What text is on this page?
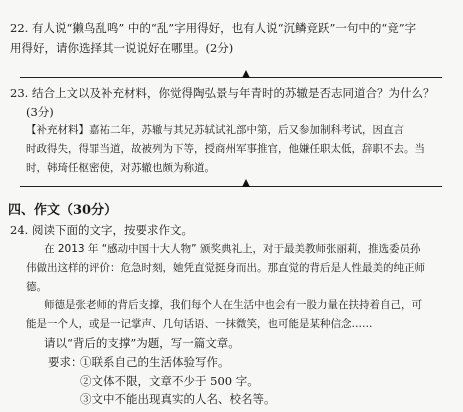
22. 有人说“獭鸟乱鸣” 中的“乱”字用得好，也有人说“沉鳞竞跃”一句中的“竞”字
用得好，请你选择其一说说好在哪里。(2分)
23. 结合上文以及补充材料，你觉得陶弘景与年青时的苏辙是否志同道合？为什么？
(3分)
【补充材料】嘉祐二年，苏辙与其兄苏轼试礼部中第，后又参加制科考试，因直言
时政得失，得罪当道，故被列为下等，授商州军事推官，他嫌任职太低，辞职不去。当
时，韩琦任枢密使，对苏辙也颇为称道。
四、作文（30分）
24. 阅读下面的文字，按要求作文。
在 2013 年 “感动中国十大人物” 颁奖典礼上，对于最美教师张丽莉，推选委员孙
伟做出这样的评价：危急时刻，她凭直觉挺身而出。那直觉的背后是人性最美的纯正师
德。
师德是张老师的背后支撑，我们每个人在生活中也会有一股力量在扶持着自己，可
能是一个人，或是一记掌声、几句话语、一抹微笑，也可能是某种信念……
请以“背后的支撑”为题，写一篇文章。
要求：
①联系自己的生活体验写作。
②文体不限，文章不少于 500 字。
③文中不能出现真实的人名、校名等。
